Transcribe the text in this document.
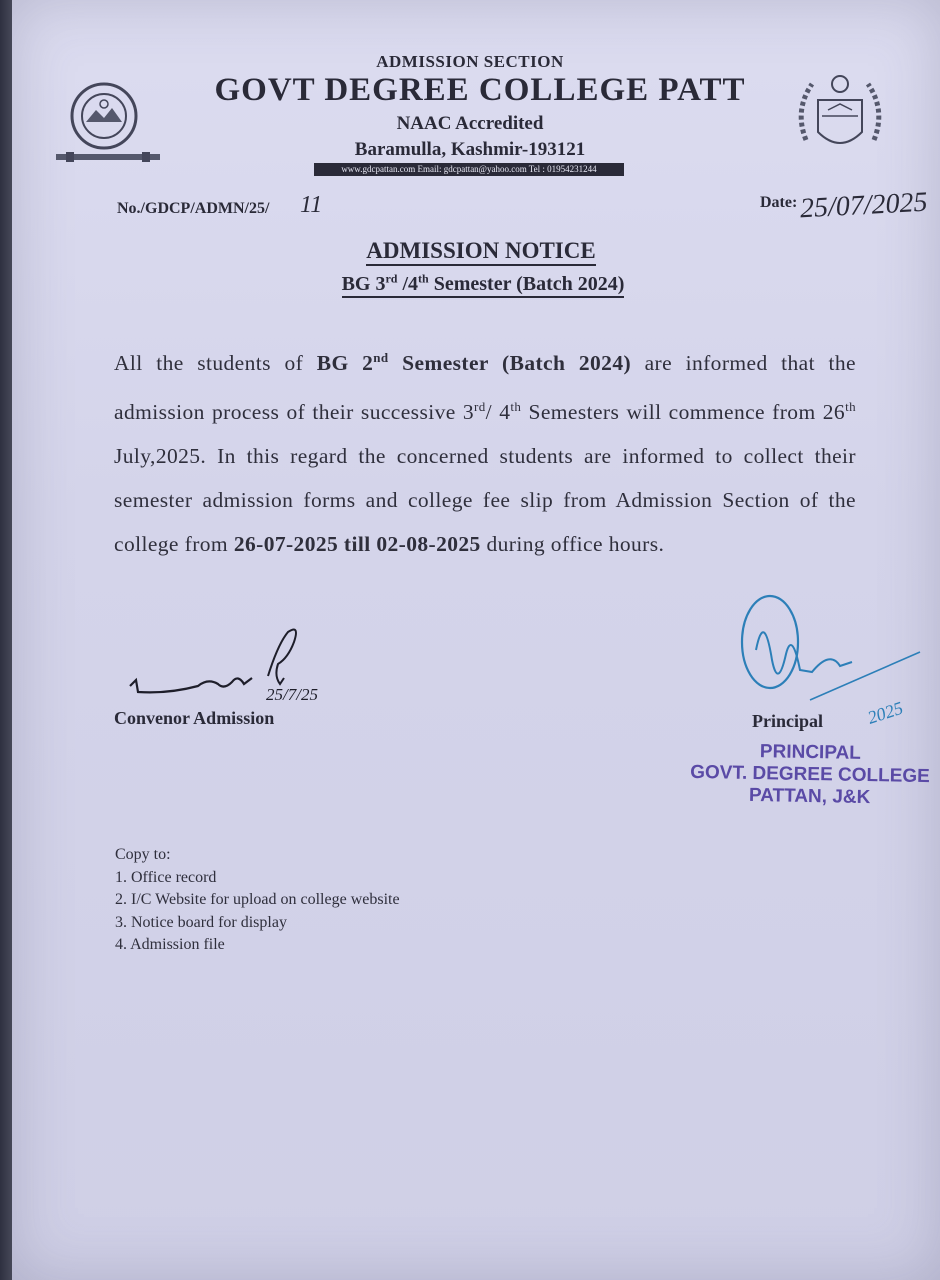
ADMISSION SECTION
GOVT DEGREE COLLEGE PATT
NAAC Accredited
Baramulla, Kashmir-193121
www.gdcpattan.com Email: gdcpattan@yahoo.com Tel : 01954231244
No./GDCP/ADMN/25/ 11	Date: 25/07/2025
ADMISSION NOTICE
BG 3rd /4th Semester (Batch 2024)
All the students of BG 2nd Semester (Batch 2024) are informed that the admission process of their successive 3rd/ 4th Semesters will commence from 26th July,2025. In this regard the concerned students are informed to collect their semester admission forms and college fee slip from Admission Section of the college from 26-07-2025 till 02-08-2025 during office hours.
25/7/25
Convenor Admission	2025
Principal
PRINCIPAL
GOVT. DEGREE COLLEGE
PATTAN, J&K
Copy to:
1. Office record
2. I/C Website for upload on college website
3. Notice board for display
4. Admission file
